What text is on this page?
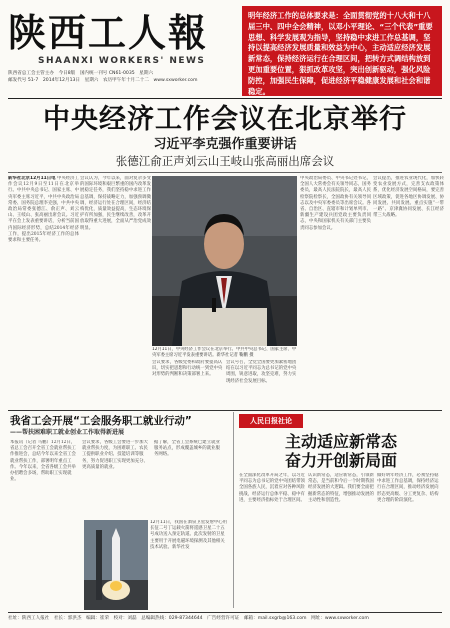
陕西工人報
SHAANXI WORKERS' NEWS
陕西省总工会主管主办　今日8版　国内统一刊号 CN61-0035　星期六
邮发代号 51-7　2014年12月13日　星期六　农历甲午年十月二十二　www.sxworker.com

明年经济工作的总体要求是：全面贯彻党的十八大和十八届三中、四中全会精神，以邓小平理论、“三个代表”重要思想、科学发展观为指导，坚持稳中求进工作总基调，坚持以提高经济发展质量和效益为中心，主动适应经济发展新常态，保持经济运行在合理区间，把转方式调结构放到更加重要位置，狠抓改革攻坚，突出创新驱动，强化风险防控，加强民生保障，促进经济平稳健康发展和社会和谐稳定。

中央经济工作会议在北京举行
习近平李克强作重要讲话
张德江俞正声刘云山王岐山张高丽出席会议
新华社北京12月11日电 中央经济工作会议12月9日至11日在北京举行。中共中央总书记、国家主席、中央军委主席习近平，中共中央政治局常委、国务院总理李克强，中共中央政治局常委张德江、俞正声、刘云山、王岐山、张高丽出席会议。习近平在会上发表重要讲话，分析当前国内国际经济形势，总结2014年经济工作，提出2015年经济工作的总体要求和主要任务。
会议认为，今年以来，面对复杂多变的国际环境和艰巨繁重的国内改革发展稳定任务，我们坚持稳中求进工作总基调，保持战略定力，加强预调微调，经济运行处在合理区间，经济结构优化，质量效益提高，生态环境保护有所加强，民生继续改善，改革开放取得重大进展，全面从严治党成效明显。
中央政治局委员、中央书记处书记，全国人大常委会有关领导同志，国务委员，最高人民法院院长，最高人民检察院检察长，全国政协有关领导同志以及中央军委委员等出席会议。各省、自治区、直辖市和计划单列市、新疆生产建设兵团党政主要负责同志，中央和国家机关有关部门主要负责同志参加会议。
会议提出，推进农业现代化，加快转变农业发展方式，完善支农政策体系，优化经济发展空间格局，要完善区域政策，促进各地区协调发展、协同发展、共同发展。重点实施“一带一路”、京津冀协同发展、长江经济带三大战略。
12月11日，中央经济工作会议在北京举行。中共中央总书记、国家主席、中央军委主席习近平发表重要讲话。新华社记者 鞠鹏 摄
会议要求，各级党委和政府要提高认识，切实把思想和行动统一到党中央对形势的判断和决策部署上来。
会议号召，全党全国要更加紧密地团结在以习近平同志为总书记的党中央周围，锐意进取，攻坚克难，努力实现经济社会发展目标。
我省工会开展“工会服务职工就业行动”
——帮扶困难职工就业创业工作取得新进展
本报讯（记者 马鹏）12月12日，省总工会召开全省工会就业帮扶工作推进会，总结今年以来全省工会就业帮扶工作，部署明年重点工作。今年以来，全省各级工会共举办招聘会多场，帮助职工实现就业。
会议要求，各级工会要进一步加大就业帮扶力度，为困难职工、农民工提供职业介绍、技能培训等服务，努力促进职工实现更加充分、更高质量的就业。
据了解，全省工会系统已建立就业服务站点，形成覆盖城乡的就业服务网络。
12月11日，我国在酒泉卫星发射中心用长征二号丁运载火箭将遥感卫星二十五号成功送入预定轨道。此次发射的卫星主要用于开展电磁环境探测及其他相关技术试验。新华社发
人民日报社论
主动适应新常态
奋力开创新局面
在全面深化改革开局之年，以习近平同志为总书记的党中央团结带领全国各族人民，沉着应对各种风险挑战，经济运行总体平稳、稳中有进，主要经济指标处于合理区间。
认识新常态，适应新常态，引领新常态，是当前和今后一个时期我国经济发展的大逻辑。我们要全面把握新常态的特征，增强推动发展的主动性和创造性。
做好明年经济工作，必须坚持稳中求进工作总基调，保持经济运行在合理区间，推动经济发展向形态更高级、分工更复杂、结构更合理的阶段演化。
社址：陕西工人报社　社长：郭洪杰　编辑：崔荣　校对：刘磊　总编辑热线：029-87344644　广告经营许可证　邮箱：mail.sxgrb@163.com　网址：www.sxworker.com
